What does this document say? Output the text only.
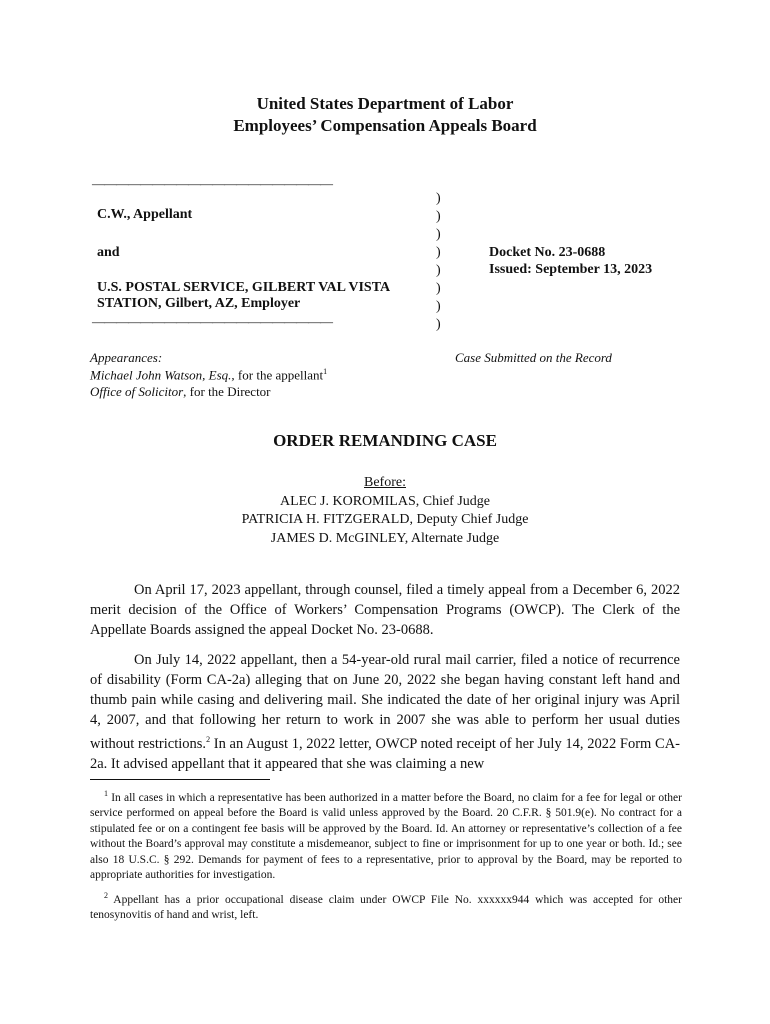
United States Department of Labor
Employees’ Compensation Appeals Board
————————————————————
C.W., Appellant
and
U.S. POSTAL SERVICE, GILBERT VAL VISTA
STATION, Gilbert, AZ, Employer
————————————————————
)
)
)
)
)
)
)
)
Docket No. 23-0688
Issued: September 13, 2023
Appearances:
Michael John Watson, Esq., for the appellant$^1$
Office of Solicitor, for the Director
Case Submitted on the Record
ORDER REMANDING CASE
Before:
ALEC J. KOROMILAS, Chief Judge
PATRICIA H. FITZGERALD, Deputy Chief Judge
JAMES D. McGINLEY, Alternate Judge
On April 17, 2023 appellant, through counsel, filed a timely appeal from a December 6, 2022 merit decision of the Office of Workers’ Compensation Programs (OWCP). The Clerk of the Appellate Boards assigned the appeal Docket No. 23-0688.
On July 14, 2022 appellant, then a 54-year-old rural mail carrier, filed a notice of recurrence of disability (Form CA-2a) alleging that on June 20, 2022 she began having constant left hand and thumb pain while casing and delivering mail. She indicated the date of her original injury was April 4, 2007, and that following her return to work in 2007 she was able to perform her usual duties without restrictions.$^2$ In an August 1, 2022 letter, OWCP noted receipt of her July 14, 2022 Form CA-2a. It advised appellant that it appeared that she was claiming a new
$^1$ In all cases in which a representative has been authorized in a matter before the Board, no claim for a fee for legal or other service performed on appeal before the Board is valid unless approved by the Board. 20 C.F.R. § 501.9(e). No contract for a stipulated fee or on a contingent fee basis will be approved by the Board. Id. An attorney or representative’s collection of a fee without the Board’s approval may constitute a misdemeanor, subject to fine or imprisonment for up to one year or both. Id.; see also 18 U.S.C. § 292. Demands for payment of fees to a representative, prior to approval by the Board, may be reported to appropriate authorities for investigation.
$^2$ Appellant has a prior occupational disease claim under OWCP File No. xxxxxx944 which was accepted for other tenosynovitis of hand and wrist, left.
